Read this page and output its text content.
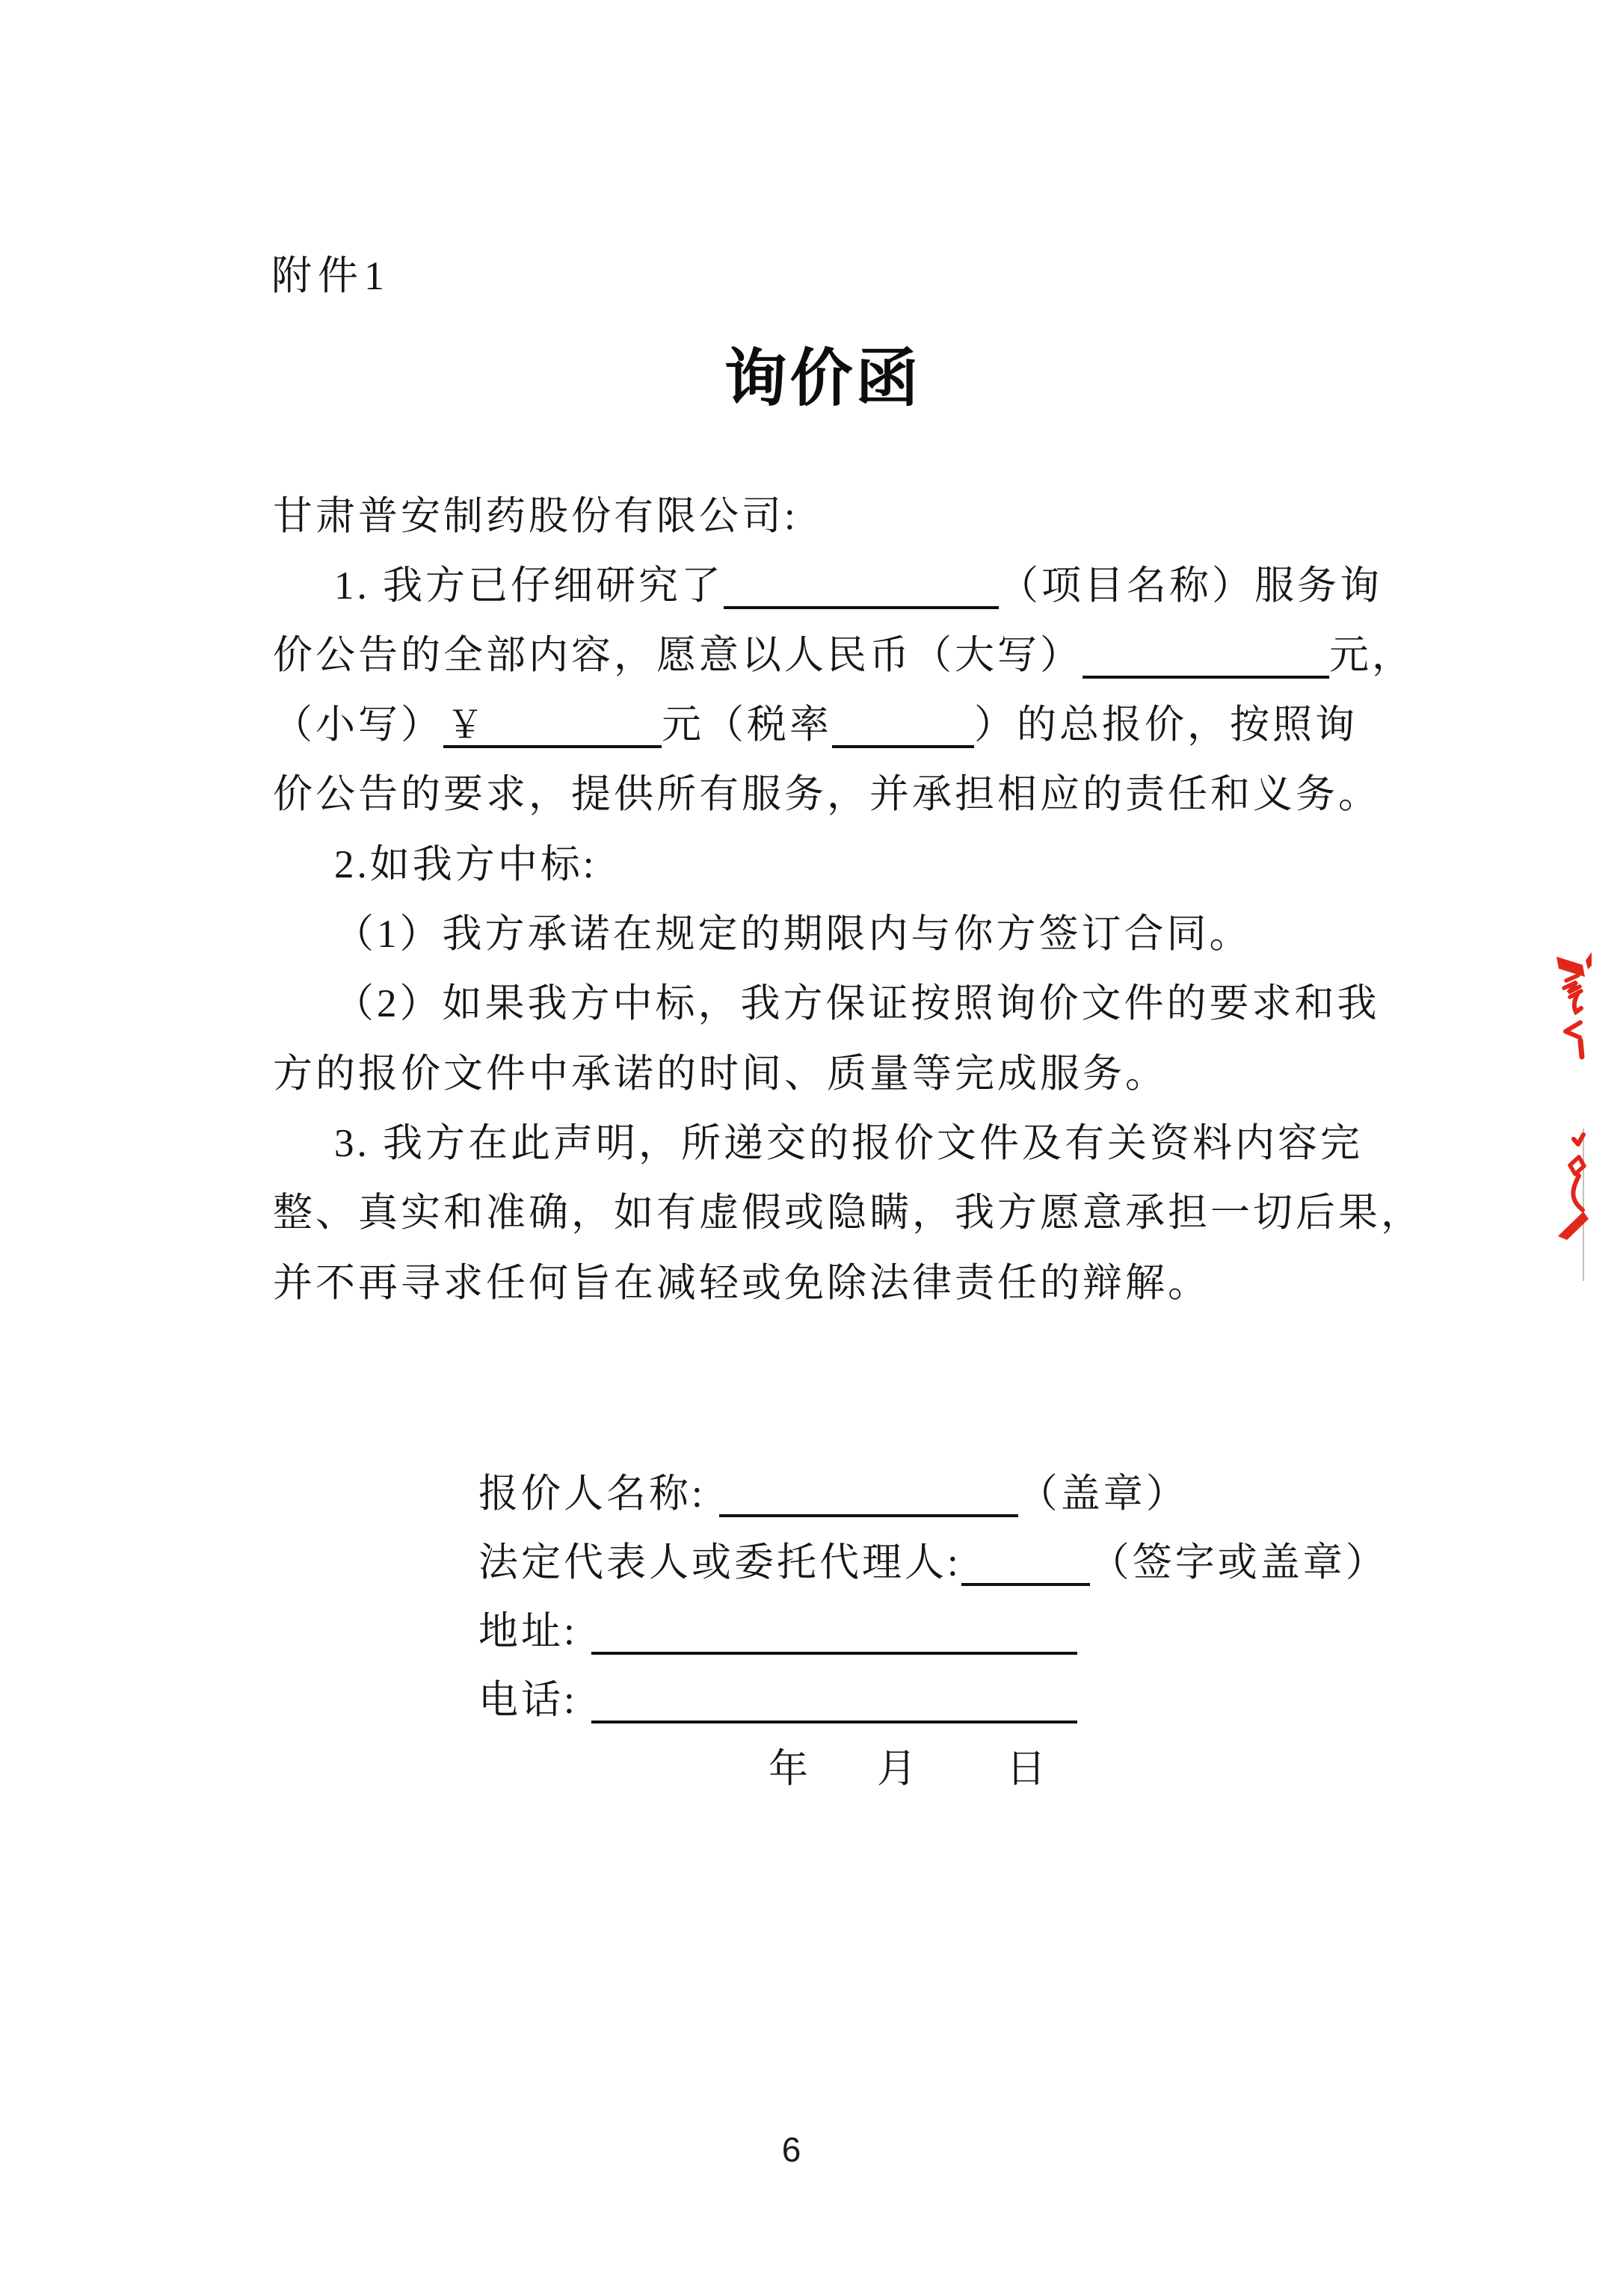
附件1
询价函
甘肃普安制药股份有限公司:
1. 我方已仔细研究了	（项目名称）服务询
价公告的全部内容，愿意以人民币（大写）	元，
（小写） ￥	元（税率	）的总报价，按照询
价公告的要求，提供所有服务，并承担相应的责任和义务。
2.如我方中标:
（1）我方承诺在规定的期限内与你方签订合同。
（2）如果我方中标，我方保证按照询价文件的要求和我
方的报价文件中承诺的时间、质量等完成服务。
3. 我方在此声明，所递交的报价文件及有关资料内容完
整、真实和准确，如有虚假或隐瞒，我方愿意承担一切后果，
并不再寻求任何旨在减轻或免除法律责任的辩解。
报价人名称:	（盖章）
法定代表人或委托代理人:	（签字或盖章）
地址:
电话:
年 月 日
6
